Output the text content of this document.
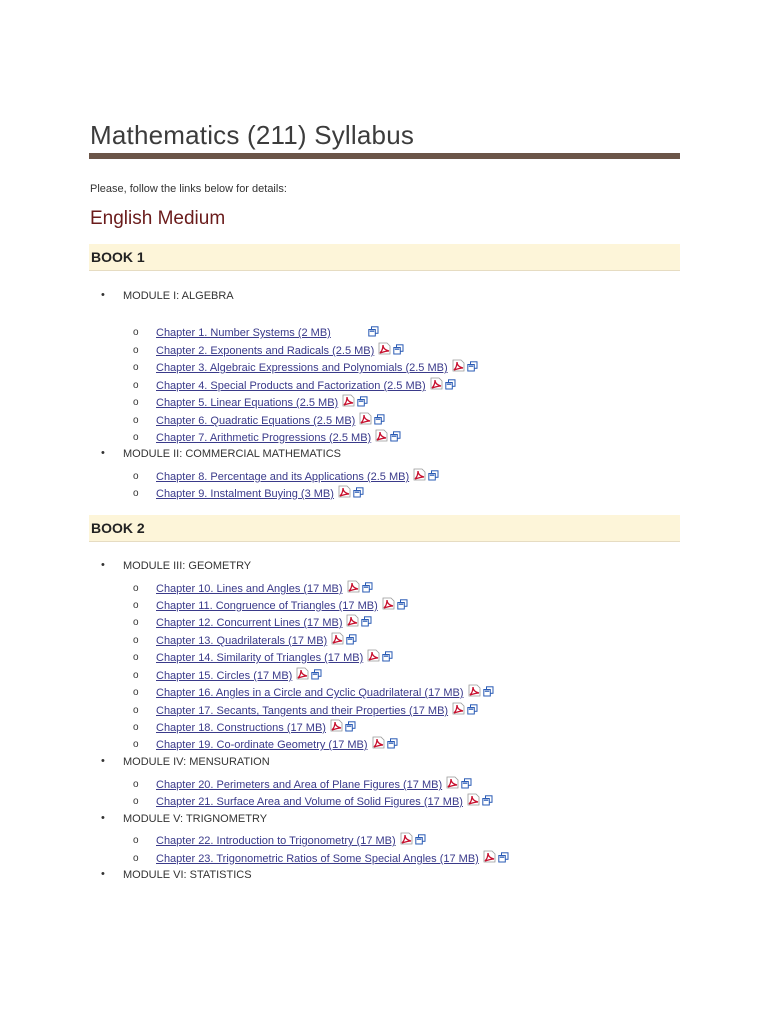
Mathematics (211) Syllabus
Please, follow the links below for details:
English Medium
BOOK 1
BOOK 2
• MODULE I: ALGEBRA
• MODULE II: COMMERCIAL MATHEMATICS
• MODULE III: GEOMETRY
• MODULE IV: MENSURATION
• MODULE V: TRIGNOMETRY
• MODULE VI: STATISTICS
o Chapter 1. Number Systems (2 MB)
o Chapter 2. Exponents and Radicals (2.5 MB)
o Chapter 3. Algebraic Expressions and Polynomials (2.5 MB)
o Chapter 4. Special Products and Factorization (2.5 MB)
o Chapter 5. Linear Equations (2.5 MB)
o Chapter 6. Quadratic Equations (2.5 MB)
o Chapter 7. Arithmetic Progressions (2.5 MB)
o Chapter 8. Percentage and its Applications (2.5 MB)
o Chapter 9. Instalment Buying (3 MB)
o Chapter 10. Lines and Angles (17 MB)
o Chapter 11. Congruence of Triangles (17 MB)
o Chapter 12. Concurrent Lines (17 MB)
o Chapter 13. Quadrilaterals (17 MB)
o Chapter 14. Similarity of Triangles (17 MB)
o Chapter 15. Circles (17 MB)
o Chapter 16. Angles in a Circle and Cyclic Quadrilateral (17 MB)
o Chapter 17. Secants, Tangents and their Properties (17 MB)
o Chapter 18. Constructions (17 MB)
o Chapter 19. Co-ordinate Geometry (17 MB)
o Chapter 20. Perimeters and Area of Plane Figures (17 MB)
o Chapter 21. Surface Area and Volume of Solid Figures (17 MB)
o Chapter 22. Introduction to Trigonometry (17 MB)
o Chapter 23. Trigonometric Ratios of Some Special Angles (17 MB)
